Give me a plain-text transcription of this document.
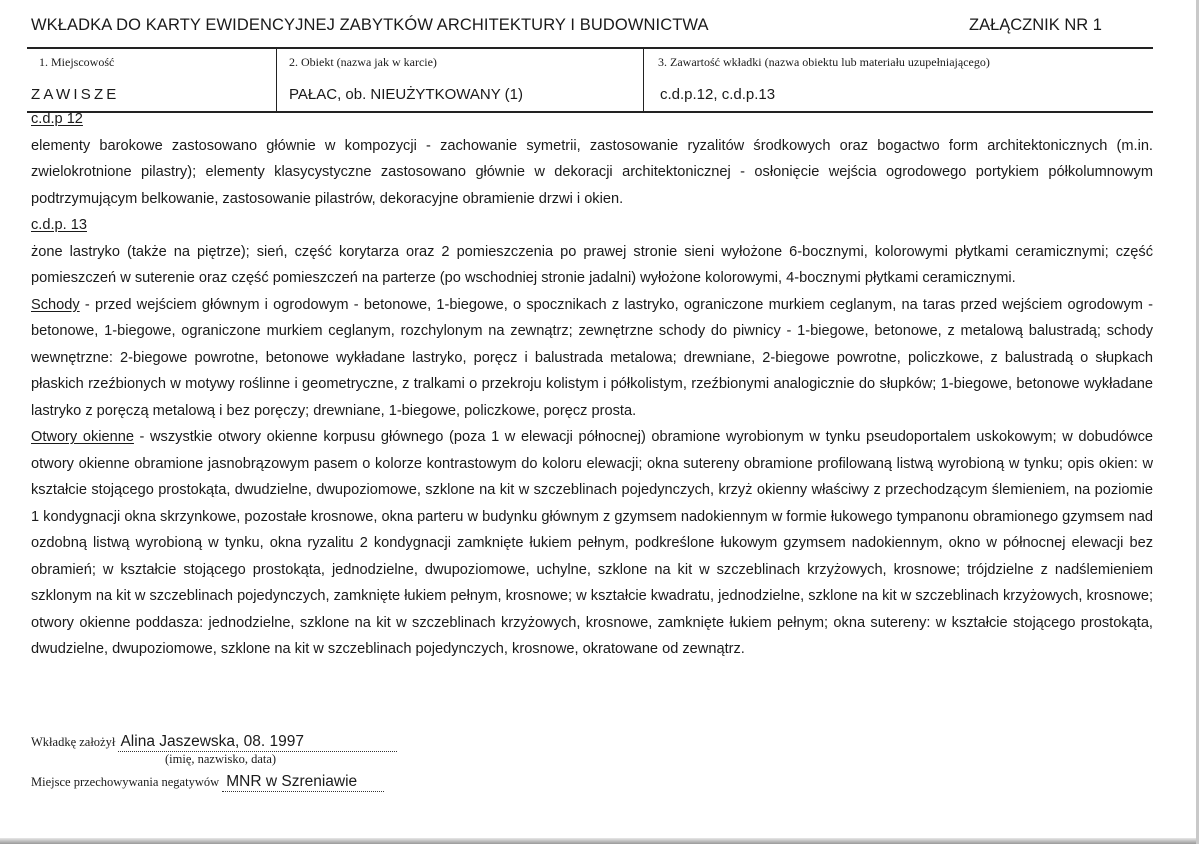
WKŁADKA DO KARTY EWIDENCYJNEJ ZABYTKÓW ARCHITEKTURY I BUDOWNICTWA	ZAŁĄCZNIK NR 1
1. Miejscowość
ZAWISZE
2. Obiekt (nazwa jak w karcie)
PAŁAC, ob. NIEUŻYTKOWANY (1)
3. Zawartość wkładki (nazwa obiektu lub materiału uzupełniającego)
c.d.p.12, c.d.p.13

c.d.p 12

elementy barokowe zastosowano głównie w kompozycji - zachowanie symetrii, zastosowanie ryzalitów środkowych oraz bogactwo form architektonicznych (m.in. zwielokrotnione pilastry); elementy klasycystyczne zastosowano głównie w dekoracji architektonicznej - osłonięcie wejścia ogrodowego portykiem półkolumnowym podtrzymującym belkowanie, zastosowanie pilastrów, dekoracyjne obramienie drzwi i okien.

c.d.p. 13

żone lastryko (także na piętrze); sień, część korytarza oraz 2 pomieszczenia po prawej stronie sieni wyłożone 6-bocznymi, kolorowymi płytkami ceramicznymi; część pomieszczeń w suterenie oraz część pomieszczeń na parterze (po wschodniej stronie jadalni) wyłożone kolorowymi, 4-bocznymi płytkami ceramicznymi.

Schody - przed wejściem głównym i ogrodowym - betonowe, 1-biegowe, o spocznikach z lastryko, ograniczone murkiem ceglanym, na taras przed wejściem ogrodowym - betonowe, 1-biegowe, ograniczone murkiem ceglanym, rozchylonym na zewnątrz; zewnętrzne schody do piwnicy - 1-biegowe, betonowe, z metalową balustradą; schody wewnętrzne: 2-biegowe powrotne, betonowe wykładane lastryko, poręcz i balustrada metalowa; drewniane, 2-biegowe powrotne, policzkowe, z balustradą o słupkach płaskich rzeźbionych w motywy roślinne i geometryczne, z tralkami o przekroju kolistym i półkolistym, rzeźbionymi analogicznie do słupków; 1-biegowe, betonowe wykładane lastryko z poręczą metalową i bez poręczy; drewniane, 1-biegowe, policzkowe, poręcz prosta.

Otwory okienne - wszystkie otwory okienne korpusu głównego (poza 1 w elewacji północnej) obramione wyrobionym w tynku pseudoportalem uskokowym; w dobudówce otwory okienne obramione jasnobrązowym pasem o kolorze kontrastowym do koloru elewacji; okna sutereny obramione profilowaną listwą wyrobioną w tynku; opis okien: w kształcie stojącego prostokąta, dwudzielne, dwupoziomowe, szklone na kit w szczeblinach pojedynczych, krzyż okienny właściwy z przechodzącym ślemieniem, na poziomie 1 kondygnacji okna skrzynkowe, pozostałe krosnowe, okna parteru w budynku głównym z gzymsem nadokiennym w formie łukowego tympanonu obramionego gzymsem nad ozdobną listwą wyrobioną w tynku, okna ryzalitu 2 kondygnacji zamknięte łukiem pełnym, podkreślone łukowym gzymsem nadokiennym, okno w północnej elewacji bez obramień; w kształcie stojącego prostokąta, jednodzielne, dwupoziomowe, uchylne, szklone na kit w szczeblinach krzyżowych, krosnowe; trójdzielne z nadślemieniem szklonym na kit w szczeblinach pojedynczych, zamknięte łukiem pełnym, krosnowe; w kształcie kwadratu, jednodzielne, szklone na kit w szczeblinach krzyżowych, krosnowe; otwory okienne poddasza: jednodzielne, szklone na kit w szczeblinach krzyżowych, krosnowe, zamknięte łukiem pełnym; okna sutereny: w kształcie stojącego prostokąta, dwudzielne, dwupoziomowe, szklone na kit w szczeblinach pojedynczych, krosnowe, okratowane od zewnątrz.

Wkładkę założył Alina Jaszewska, 08. 1997
(imię, nazwisko, data)
Miejsce przechowywania negatywów MNR w Szreniawie
